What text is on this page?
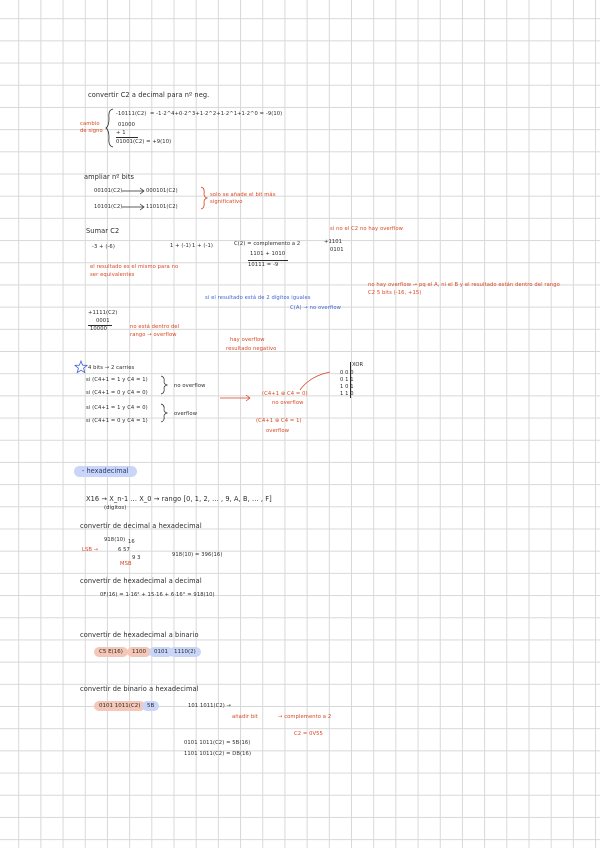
convertir C2 a decimal para nº neg.
-10111(C2) = -1·2^4+0·2^3+1·2^2+1·2^1+1·2^0 = -9(10)
cambio de signo
01000
+ 1
01001(C2) = +9(10)
ampliar nº bits
00101(C2)	000101(C2)
10101(C2)	110101(C2)
solo se añade el bit más significativo
Sumar C2
-3 + (-6)	1 + (-1) 1 + (-1)
el resultado es el mismo para no ser equivalentes
C(2) = complemento a 2
1101 + 1010
10111 = -9
si no el C2 no hay overflow
+1101
0101
no hay overflow → pq el A, ni el B y el resultado están dentro del rango C2 5 bits (-16, +15)
+1111(C2)
0001
10000	no está dentro del rango → overflow
si el resultado está de 2 dígitos iguales
C(A) → no overflow
hay overflow
resultado negativo
4 bits → 2 carries
si (C4+1 = 1 y C4 = 1)
si (C4+1 = 0 y C4 = 0)
si (C4+1 = 1 y C4 = 0)
si (C4+1 = 0 y C4 = 1)
no overflow
overflow
(C4+1 ⊕ C4 = 0)
no overflow
(C4+1 ⊕ C4 = 1)
overflow
XOR
0 0 0
0 1 1
1 0 1
1 1 0
- hexadecimal
X16 → X_n-1 ... X_0 → rango [0, 1, 2, ... , 9, A, B, ... , F]
(dígitos)
convertir de decimal a hexadecimal
918(10) 16
6 57
9 3
LSB →
MSB
918(10) = 396(16)
convertir de hexadecimal a decimal
0F(16) = 1·16² + 15·16 + 6·16° = 918(10)
convertir de hexadecimal a binario
C5 E(16)	1100	0101	1110(2)
convertir de binario a hexadecimal
0101 1011(C2)	5B	101 1011(C2) →
añadir bit	→ complemento a 2
C2 = 0V55
0101 1011(C2) = 5B(16)
1101 1011(C2) = DB(16)
